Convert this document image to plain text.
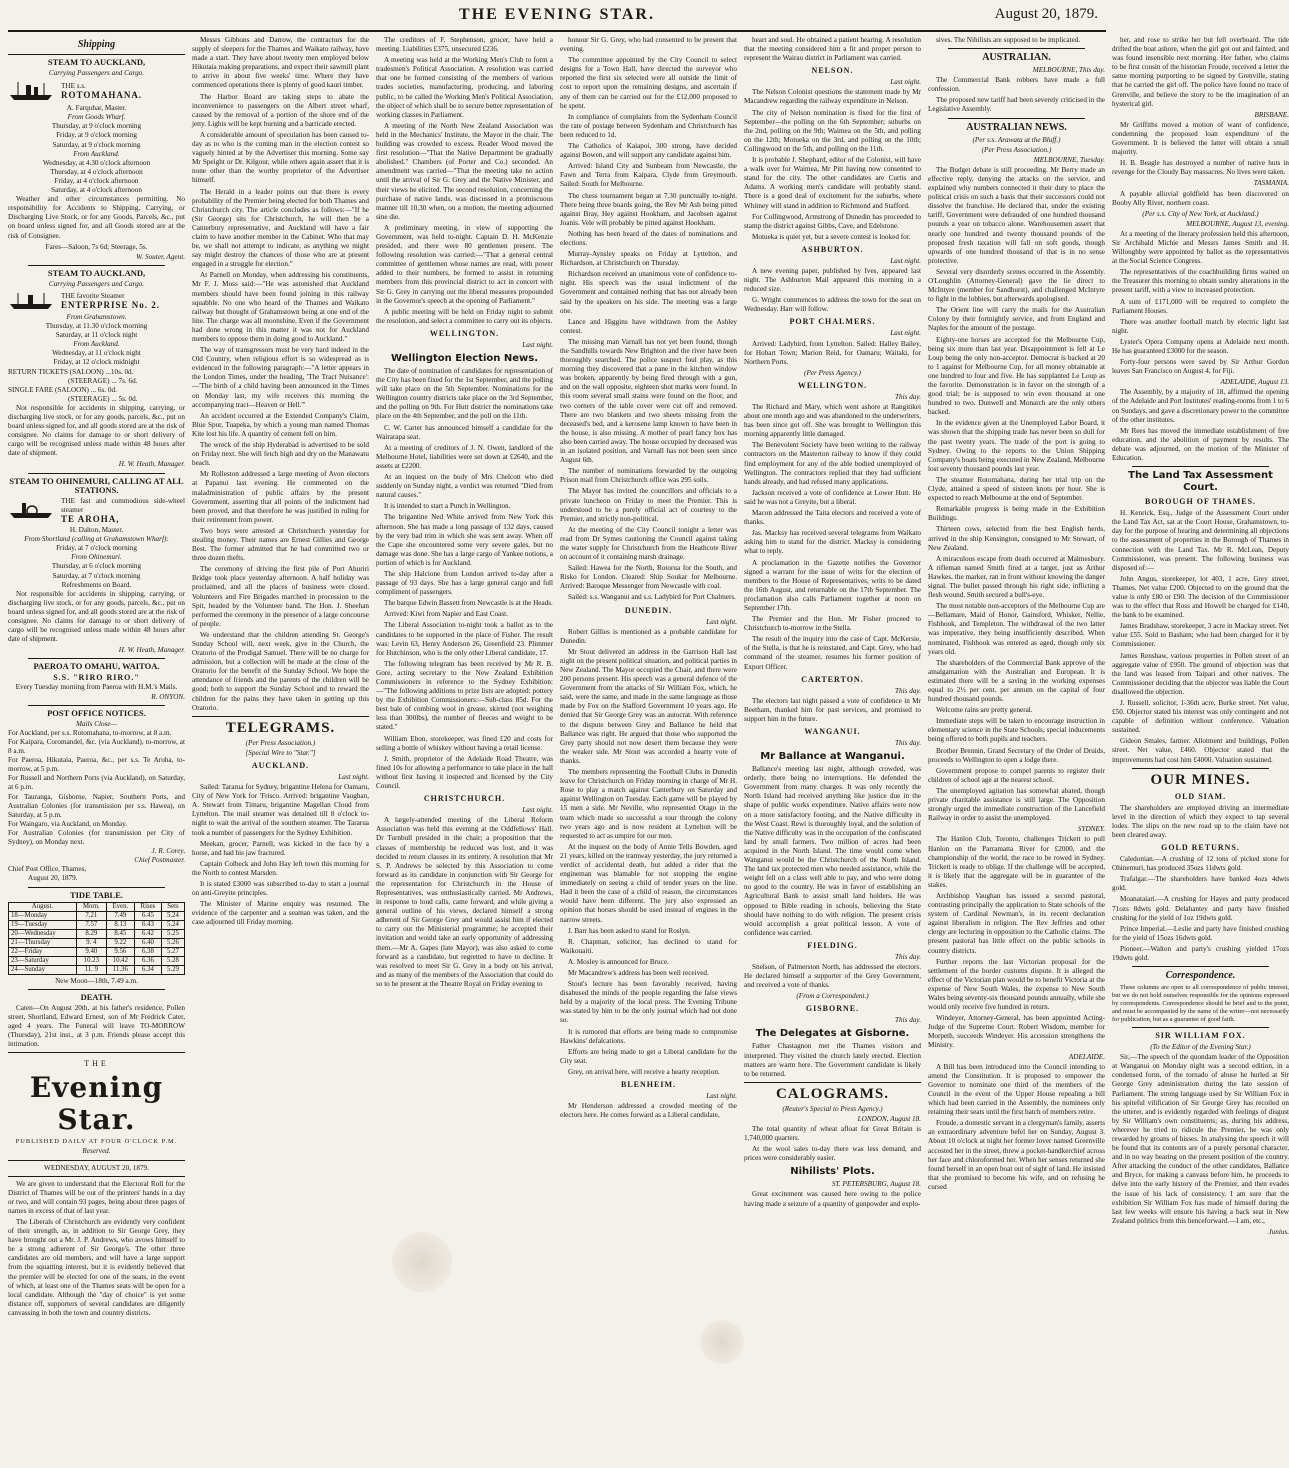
THE EVENING STAR.	August 20, 1879.
Shipping
STEAM TO AUCKLAND,
Carrying Passengers and Cargo.
THE s.s.
ROTOMAHANA.
A. Farquhar, Master.
From Goods Wharf.
Thursday, at 9 o'clock morning
Friday, at 9 o'clock morning
Saturday, at 9 o'clock morning
From Auckland.
Wednesday, at 4.30 o'clock afternoon
Thursday, at 4 o'clock afternoon
Friday, at 4 o'clock afternoon
Saturday, at 4 o'clock afternoon

Weather and other circumstances permitting. No responsibility for Accidents to Shipping, Carrying, or Discharging Live Stock, or for any Goods, Parcels, &c., put on board unless signed for, and all Goods stored are at the risk of Consignee.

Fares—Saloon, 7s 6d; Steerage, 5s.
W. Souter, Agent.
STEAM TO AUCKLAND,
Carrying Passengers and Cargo.
THE favorite Steamer
ENTERPRISE No. 2.
From Grahamstown.
Thursday, at 11.30 o'clock morning
Saturday, at 11 o'clock night
From Auckland.
Wednesday, at 11 o'clock night
Friday, at 12 o'clock midnight
RETURN TICKETS (SALOON) ...10s. 0d.
(STEERAGE) ... 7s. 6d.
SINGLE FARE (SALOON) ... 6s. 0d.
(STEERAGE) ... 5s. 0d.

Not responsible for accidents in shipping, carrying, or discharging live stock, or for any goods, parcels, &c., put on board unless signed for, and all goods stored are at the risk of consignee. No claims for damage to or short delivery of cargo will be recognised unless made within 48 hours after date of shipment.

H. W. Heath, Manager.
STEAM TO OHINEMURI, CALLING AT ALL STATIONS.
THE fast and commodious side-wheel steamer
TE AROHA,
H. Dalton, Master.
From Shortland (calling at Grahamstown Wharf):
Friday, at 7 o'clock morning
From Ohinemuri.
Thursday, at 6 o'clock morning
Saturday, at 7 o'clock morning
Refreshments on Board.

Not responsible for accidents in shipping, carrying, or discharging live stock, or for any goods, parcels, &c., put on board unless signed for, and all goods stored are at the risk of consignee. No claims for damage to or short delivery of cargo will be recognised unless made within 48 hours after date of shipment.

H. W. Heath, Manager.
PAEROA TO OMAHU, WAITOA.
S.S. "RIRO RIRO."
Every Tuesday morning from Paeroa with H.M.'s Mails.
R. ONYON.
POST OFFICE NOTICES.
Mails Close—
For Auckland, per s.s. Rotomahana, to-morrow, at 8 a.m.
For Kaipara, Coromandel, &c. (via Auckland), to-morrow, at 8 a.m.
For Paeroa, Hikutaia, Paeroa, &c., per s.s. Te Aroha, to-morrow, at 5 p.m.
For Russell and Northern Ports (via Auckland), on Saturday, at 6 p.m.
For Tauranga, Gisborne, Napier, Southern Ports, and Australian Colonies (for transmission per s.s. Hawea), on Saturday, at 5 p.m.
For Waingaro, via Auckland, on Monday.
For Australian Colonies (for transmission per City of Sydney), on Monday next.
J. R. Corey,
Chief Postmaster.
Chief Post Office, Thames,
August 20, 1879.
TIDE TABLE.
August.	Morn.	Even.	Rises	Sets
18—Monday	7.21	7.49	6.45	5.24
19—Tuesday	7.57	8.13	6.43	5.24
20—Wednesday	8.29	8.45	6.42	5.25
21—Thursday	9. 4	9.22	6.40	5.26
22—Friday	9.40	9.56	6.38	5.27
23—Saturday	10.23	10.42	6.36	5.28
24—Sunday	11. 9	11.36	6.34	5.29
New Moon—18th, 7.49 a.m.
DEATH.

Caten—On August 20th, at his father's residence, Pollen street, Shortland, Edward Ernest, son of Mr Fredrick Cater, aged 4 years. The Funeral will leave TO-MORROW (Thursday), 21st inst., at 3 p.m. Friends please accept this intimation.

THE
Evening Star.
PUBLISHED DAILY AT FOUR O'CLOCK P.M.
Reserved.
WEDNESDAY, AUGUST 20, 1879.

We are given to understand that the Electoral Roll for the District of Thames will be out of the printers' hands in a day or two, and will contain 93 pages, being about three pages of names in excess of that of last year.

The Liberals of Christchurch are evidently very confident of their strength, as, in addition to Sir George Grey, they have brought out a Mr. J. P. Andrews, who avows himself to be a strong adherent of Sir George's. The other three candidates are old members, and will have a large support from the squatting interest, but it is evidently believed that the premier will be elected for one of the seats, in the event of which, at least one of the Thames seats will be open for a local candidate. Although the "day of choice" is yet some distance off, supporters of several candidates are diligently canvassing in both the town and country districts.

Messrs Gibbons and Darrow, the contractors for the supply of sleepers for the Thames and Waikato railway, have made a start. They have about twenty men employed below Hikutaia making preparations, and expect their sawmill plant to arrive in about five weeks' time. Where they have commenced operations there is plenty of good kauri timber.

The Harbor Board are taking steps to abate the inconvenience to passengers on the Albert street wharf, caused by the removal of a portion of the shore end of the jetty. Lights will be kept burning and a barricade erected.

A considerable amount of speculation has been caused to-day as to who is the coming man in the election contest so vaguely hinted at by the Advertiser this morning. Some say Mr Speight or Dr. Kilgour, while others again assert that it is none other than the worthy proprietor of the Advertiser himself.

The Herald in a leader points out that there is every probability of the Premier being elected for both Thames and Christchurch city. The article concludes as follows:—"If he (Sir George) sits for Christchurch, he will then be a Canterbury representative, and Auckland will have a fair claim to have another member in the Cabinet. Who that may be, we shall not attempt to indicate, as anything we might say might destroy the chances of those who are at present engaged in a struggle for election."

At Parnell on Monday, when addressing his constituents, Mr F. J. Moss said:—"He was astonished that Auckland members should have been found joining in this railway squabble. No one who heard of the Thames and Waikato railway but thought of Grahamstown being at one end of the line. The charge was all moonshine. Even if the Government had done wrong in this matter it was not for Auckland members to oppose them in doing good to Auckland."

The way of transgressors must be very hard indeed in the Old Country, when religious effort is so widespread as is evidenced in the following paragraph:—"A letter appears in the London Times, under the heading, 'The Tract Nuisance':—'The birth of a child having been announced in the Times on Monday last, my wife receives this morning the accompanying tract—Heaven or Hell.'"

An accident occurred at the Extended Company's Claim, Blue Spur, Tuapeka, by which a young man named Thomas Kite lost his life. A quantity of cement fell on him.

The wreck of the ship Hyderabad is advertised to be sold on Friday next. She will fetch high and dry on the Manawatu beach.

Mr Rolleston addressed a large meeting of Avon electors at Papanui last evening. He commented on the maladministration of public affairs by the present Government, asserting that all points of the indictment had been proved, and that therefore he was justified in ruling for their retirement from power.

Two boys were arrested at Christchurch yesterday for stealing money. Their names are Ernest Gillies and George Best. The former admitted that he had committed two or three dozen thefts.

The ceremony of driving the first pile of Port Ahuriri Bridge took place yesterday afternoon. A half holiday was proclaimed, and all the places of business were closed. Volunteers and Fire Brigades marched in procession to the Spit, headed by the Volunteer band. The Hon. J. Sheehan performed the ceremony in the presence of a large concourse of people.

We understand that the children attending St. George's Sunday School will, next week, give in the Church, the Oratorio of the Prodigal Samuel. There will be no charge for admission, but a collection will be made at the close of the Oratorio for the benefit of the Sunday School. We hope the attendance of friends and the parents of the children will be good; both to support the Sunday School and to reward the children for the pains they have taken in getting up this Oratorio.

TELEGRAMS.
(Per Press Association.)
[Special Wire to "Star."]
AUCKLAND.
Last night.

Sailed: Tararua for Sydney, brigantine Helena for Oamaru, City of New York for 'Frisco. Arrived: brigantine Vaughan, A. Stewart from Timaru, brigantine Magellan Cloud from Lyttelton. The mail steamer was detained till 8 o'clock to-night to wait the arrival of the southern steamer. The Tararua took a number of passengers for the Sydney Exhibition.

Meekan, grocer, Parnell, was kicked in the face by a horse, and had his jaw fractured.

Captain Colbeck and John Hay left town this morning for the North to contest Marsden.

It is stated £3000 was subscribed to-day to start a journal on anti-Greyite principles.

The Minister of Marine enquiry was resumed. The evidence of the carpenter and a seaman was taken, and the case adjourned till Friday morning.

The creditors of F. Stephenson, grocer, have held a meeting. Liabilities £375, unsecured £236.

A meeting was held at the Working Men's Club to form a tradesmen's Political Association. A resolution was carried that one be formed consisting of the members of various trades societies, manufacturing, producing, and laboring public, to be called the Working Men's Political Association, the object of which shall be to secure better representation of working classes in Parliament.

A meeting of the North New Zealand Association was held in the Mechanics' Institute, the Mayor in the chair. The building was crowded to excess. Reader Wood moved the first resolution—"That the Native Department be gradually abolished." Chambers (of Porter and Co.) seconded. An amendment was carried—"That the meeting take no action until the arrival of Sir G. Grey and the Native Minister, and their views be elicited. The second resolution, concerning the purchase of native lands, was discussed in a promiscuous manner till 10.30 when, on a motion, the meeting adjourned sine die.

A preliminary meeting, in view of supporting the Government, was held to-night. Captain D. H. McKenzie presided, and there were 80 gentlemen present. The following resolution was carried:—"That a general central committee of gentlemen whose names are read, with power added to their numbers, be formed to assist in returning members from this provincial district to act in concert with Sir G. Grey in carrying out the liberal measures propounded in the Governor's speech at the opening of Parliament."

A public meeting will be held on Friday night to submit the resolution, and select a committee to carry out its objects.

WELLINGTON.
Last night.
Wellington Election News.

The date of nomination of candidates for representation of the City has been fixed for the 1st September, and the polling will take place on the 5th September. Nominations for the Wellington country districts take place on the 3rd September, and the polling on 9th. For Hutt district the nominations take place on the 4th September, and the poll on the 11th.

C. W. Carter has announced himself a candidate for the Wairarapa seat.

At a meeting of creditors of J. N. Owen, landlord of the Melbourne Hotel, liabilities were set down at £2640, and the assets at £2200.

At an inquest on the body of Mrs Chelcott who died suddenly on Sunday night, a verdict was returned "Died from natural causes."

It is intended to start a Punch in Wellington.

The brigantine Ned White arrived from New York this afternoon. She has made a long passage of 132 days, caused by the very bad trim in which she was sent away. When off the Cape she encountered some very severe gales, but no damage was done. She has a large cargo of Yankee notions, a portion of which is for Auckland.

The ship Halcione from London arrived to-day after a passage of 93 days. She has a large general cargo and full compliment of passengers.

The barque Edwin Bassett from Newcastle is at the Heads.

Arrived: Kiwi from Napier and East Coast.

The Liberal Association to-night took a ballot as to the candidates to be supported in the place of Fisher. The result was: Levin 63, Henry Anderson 26, Greenfield 23. Plimmer for Hutchinson, who is the only other Liberal candidate, 17.

The following telegram has been received by Mr R. B. Gore, acting secretary to the New Zealand Exhibition Commissioners in reference to the Sydney Exhibition:—"The following additions to prize lists are adopted: pottery by the Exhibition Commissioners:—Sub-class 85d. For the best bale of combing wool in grease, skirted (not weighing less than 300lbs), the number of fleeces and weight to be stated."

William Ebon, storekeeper, was fined £20 and costs for selling a bottle of whiskey without having a retail license.

J. Smith, proprietor of the Adelaide Road Theatre, was fined 10s for allowing a performance to take place in the hall without first having it inspected and licensed by the City Council.

CHRISTCHURCH.
Last night.

A largely-attended meeting of the Liberal Reform Association was held this evening at the Oddfellows' Hall. Dr Turnbull presided in the chair; a proposition that the classes of membership be reduced was lost, and it was decided to return clauses in its entirety. A resolution that Mr S. P. Andrews be selected by this Association to come forward as its candidate in conjunction with Sir George for the representation for Christchurch in the House of Representatives, was enthusiastically carried. Mr Andrews, in response to loud calls, came forward, and while giving a general outline of his views, declared himself a strong adherent of Sir George Grey and would assist him if elected to carry out the Ministerial programme; he accepted their invitation and would take an early opportunity of addressing them.—Mr A. Gapes (late Mayor), was also asked to come forward as a candidate, but regretted to have to decline. It was resolved to meet Sir G. Grey in a body on his arrival, and as many of the members of the Association that could do so to be present at the Theatre Royal on Friday evening to

honour Sir G. Grey, who had consented to be present that evening.

The committee appointed by the City Council to select designs for a Town Hall, have directed the surveyor who reported the first six selected were all outside the limit of cost to report upon the remaining designs, and ascertain if any of them can be carried out for the £12,000 proposed to be spent.

In compliance of complaints from the Sydenham Council the rate of postage between Sydenham and Christchurch has been reduced to 1d.

The Catholics of Kaiapoi, 300 strong, have decided against Bowen, and will support any candidate against him.

Arrived: Island City and Sunbeam from Newcastle, the Fawn and Terra from Kaipara, Clyde from Greymouth. Sailed: South for Melbourne.

The chess tournament began at 7.30 punctually to-night. There being three boards going, the Rev Mr Ash being pitted against Bray, Hey against Hookham, and Jacobsen against Joanis. Vele will probably be pitted against Hookham.

Nothing has been heard of the dates of nominations and elections.

Murray-Aynsley speaks on Friday at Lyttelton, and Richardson, at Christchurch on Thursday.

Richardson received an unanimous vote of confidence to-night. His speech was the usual indictment of the Government and contained nothing that has not already been said by the speakers on his side. The meeting was a large one.

Lance and Higgins have withdrawn from the Ashley contest.

The missing man Varnall has not yet been found, though the Sandhills towards New Brighton and the river have been thoroughly searched. The police suspect foul play, as this morning they discovered that a pane in the kitchen window was broken, apparently by being fired through with a gun, and on the wall opposite, eighteen shot marks were found. In this room several small stains were found on the floor, and two corners of the table cover were cut off and removed. There are two blankets and two sheets missing from the deceased's bed, and a kerosene lamp known to have been in the house, is also missing. A mother of pearl fancy box has also been carried away. The house occupied by deceased was in an isolated position, and Varnall has not been seen since August 6th.

The number of nominations forwarded by the outgoing Prison mail from Christchurch office was 295 soils.

The Mayor has invited the councillors and officials to a private luncheon on Friday to meet the Premier. This is understood to be a purely official act of courtesy to the Premier, and strictly non-political.

At the meeting of the City Council tonight a letter was read from Dr Symes cautioning the Council against taking the water supply for Christchurch from the Heathcote River on account of it containing marsh drainage.

Sailed: Hawea for the North, Rotorua for the South, and Risko for London. Cleared: Ship Soukar for Melbourne. Arrived: Baroque Messenger from Newcastle with coal.

Sailed: s.s. Wanganui and s.s. Ladybird for Port Chalmers.

DUNEDIN.
Last night.

Robert Gillies is mentioned as a probable candidate for Dunedin.

Mr Stout delivered an address in the Garrison Hall last night on the present political situation, and political parties in New Zealand. The Mayor occupied the Chair, and there were 200 persons present. His speech was a general defence of the Government from the attacks of Sir William Fox, which, he said, were the same, and made in the same language as those made by Fox on the Stafford Government 10 years ago. He denied that Sir George Grey was an autocrat. With reference to the dispute between Grey and Ballance he held that Ballance was right. He argued that those who supported the Grey party should not now desert them because they were the weaker side. Mr Stout was accorded a hearty vote of thanks.

The members representing the Football Clubs in Dunedin leave for Christchurch on Friday morning in charge of Mr H. Rose to play a match against Canterbury on Saturday and against Wellington on Tuesday. Each game will be played by 15 men a side. Mr Neville, who represented Otago in the team which made so successful a tour through the colony two years ago and is now resident at Lyttelton will be requested to act as umpire for our men.

At the inquest on the body of Annie Tells Bowden, aged 21 years, killed on the tramway yesterday, the jury returned a verdict of accidental death, but added a rider that the engineman was blamable for not stopping the engine immediately on seeing a child of tender years on the line. Had it been the case of a child of reason, the circumstances would have been different. The jury also expressed an opinion that horses should be used instead of engines in the narrow streets.

J. Barr has been asked to stand for Roslyn.

R. Chapman, solicitor, has declined to stand for Waikouaiti.

A. Mosley is announced for Bruce.

Mr Macandrew's address has been well received.

Stout's lecture has been favorably received, having disabused the minds of the people regarding the false views held by a majority of the local press. The Evening Tribune was stated by him to be the only journal which had not done so.

It is rumored that efforts are being made to compromise Hawkins' defalcations.

Efforts are being made to get a Liberal candidate for the City seat.

Grey, on arrival here, will receive a hearty reception.

BLENHEIM.
Last night.

Mr Henderson addressed a crowded meeting of the electors here. He comes forward as a Liberal candidate,

heart and soul. He obtained a patient hearing. A resolution that the meeting considered him a fit and proper person to represent the Wairau district in Parliament was carried.

NELSON.
Last night.

The Nelson Colonist questions the statement made by Mr Macandrew regarding the railway expenditure in Nelson.

The city of Nelson nomination is fixed for the first of September—the polling on the 6th September; suburbs on the 2nd, polling on the 9th; Waimea on the 5th, and polling on the 12th; Motueka on the 3rd, and polling on the 10th; Collingwood on the 5th, and polling on the 11th.

It is probable J. Shephard, editor of the Colonist, will have a walk over for Waimea, Mr Pitt having now consented to stand for the city. The other candidates are Curtis and Adams. A working men's candidate will probably stand. There is a good deal of excitement for the suburbs, where Whitney will stand in addition to Richmond and Stafford.

For Collingwood, Armstrong of Dunedin has proceeded to stamp the district against Gibbs, Cave, and Edelstone.

Motueka is quiet yet, but a severe contest is looked for.

ASHBURTON.
Last night.

A new evening paper, published by Ives, appeared last night. The Ashburton Mail appeared this morning in a reduced size.

G. Wright commences to address the town for the seat on Wednesday. Harr will follow.

PORT CHALMERS.
Last night.

Arrived: Ladybird, from Lyttelton. Sailed: Halley Bailey, for Hobart Town; Marion Reid, for Oamaru; Waitaki, for Northern Ports.

(Per Press Agency.)
WELLINGTON.
This day.

The Richard and Mary, which went ashore at Rangitikei about one month ago and was abandoned to the underwriters, has been since got off. She was brought to Wellington this morning apparently little damaged.

The Benevolent Society have been writing to the railway contractors on the Masterton railway to know if they could find employment for any of the able bodied unemployed of Wellington. The contractors replied that they had sufficient hands already, and had refused many applications.

Jackson received a vote of confidence at Lower Hutt. He said he was not a Greyite, but a liberal.

Macon addressed the Taita electors and received a vote of thanks.

Jas. Macksy has received several telegrams from Waikato asking him to stand for the district. Macksy is considering what to reply.

A proclamation in the Gazette notifies the Governor signed a warrant for the issue of writs for the election of members to the House of Representatives, writs to be dated the 16th August, and returnable on the 17th September. The proclamation also calls Parliament together at noon on September 17th.

The Premier and the Hon. Mr Fisher proceed to Christchurch to-morrow in the Stella.

The result of the inquiry into the case of Capt. McKersie, of the Stella, is that he is reinstated, and Capt. Grey, who had command of the steamer, resumes his former position of Export Officer.

CARTERTON.
This day.

The electors last night passed a vote of confidence in Mr Beetham, thanked him for past services, and promised to support him in the future.

WANGANUI.
This day.
Mr Ballance at Wanganui.

Ballance's meeting last night, although crowded, was orderly, there being no interruptions. He defended the Government from many charges. It was only recently the North Island had received anything like justice due in the shape of public works expenditure. Native affairs were now on a more satisfactory footing, and the Native difficulty in the West Coast. Rewi is thoroughly loyal, and the solution of the Native difficulty was in the occupation of the confiscated land by small farmers. Two million of acres had been acquired in the North Island. The time would come when Wanganui would be the Christchurch of the North Island. The land tax protected men who needed assistance, while the weight fell on a class well able to pay, and who were doing no good to the country. He was in favor of establishing an Agricultural Bank to assist small land holders. He was opposed to Bible reading in schools, believing the State should have nothing to do with religion. The present crisis would accomplish a great political lesson. A vote of confidence was carried.

FIELDING.
This day.

Snelson, of Palmerston North, has addressed the electors. He declared himself a supporter of the Grey Government, and received a vote of thanks.

(From a Correspondent.)
GISBORNE.
This day.
The Delegates at Gisborne.

Father Chastagnon met the Thames visitors and interpreted. They visited the church lately erected. Election matters are warm here. The Government candidate is likely to be returned.

CALOGRAMS.
(Reuter's Special to Press Agency.)
LONDON, August 18.

The total quantity of wheat afloat for Great Britain is 1,740,000 quarters.

At the wool sales to-day there was less demand, and prices were considerably easier.

Nihilists' Plots.
ST. PETERSBURG, August 18.

Great excitement was caused here owing to the police having made a seizure of a quantity of gunpowder and explo-

sives. The Nihilists are supposed to be implicated.

AUSTRALIAN.
MELBOURNE, This day.

The Commercial Bank robbers have made a full confession.

The proposed new tariff had been severely criticised in the Legislative Assembly.

AUSTRALIAN NEWS.
(Per s.s. Arawata at the Bluff.)
(Per Press Association.)
MELBOURNE, Tuesday.

The Budget debate is still proceeding. Mr Berry made an effective reply, denying the attacks on the service, and explained why numbers connected it their duty to place the political crisis on such a basis that their successors could not dissolve the franchise. He declared that, under the existing tariff, Government were defrauded of one hundred thousand pounds a year on tobacco alone. Warehousemen assert that nearly one hundred and twenty thousand pounds of the proposed fresh taxation will fall on soft goods, though upwards of one hundred thousand of that is in no sense protective.

Several very disorderly scenes occurred in the Assembly. O'Loughlin (Attorney-General) gave the lie direct to McIntyre (member for Sandhurst), and challenged McIntyre to fight in the lobbies, but afterwards apologised.

The Orient line will carry the mails for the Australian Colony by their fortnightly service, and from England and Naples for the amount of the postage.

Eighty-one horses are accepted for the Melbourne Cup, being six more than last year. Disappointment is fell at Le Loup being the only non-acceptor. Democrat is backed at 20 to 1 against for Melbourne Cup, for all money obtainable at one hundred to four and five. He has supplanted Le Loup as the favorite. Demonstration is in favor on the strength of a good trial; he is supposed to win even thousand at one hundred to two. Dunwell and Monarch are the only others backed.

In the evidence given at the Unemployed Labor Board, it was shown that the shipping trade has never been so dull for the past twenty years. The trade of the port is going to Sydney. Owing to the reports to the Union Shipping Company's boats being executed in New Zealand, Melbourne lost seventy thousand pounds last year.

The steamer Rotomahana, during her trial trip on the Clyde, attained a speed of sixteen knots per hour. She is expected to reach Melbourne at the end of September.

Remarkable progress is being made in the Exhibition Buildings.

Thirteen cows, selected from the best English herds, arrived in the ship Kensington, consigned to Mr Stewart, of New Zealand.

A miraculous escape from death occurred at Malmesbury. A rifleman named Smith fired at a target, just as Arthur Hawkes, the marker, ran in front without knowing the danger signal. The bullet passed through his right side, inflicting a flesh wound. Smith secured a bull's-eye.

The most notable non-acceptors of the Melbourne Cup are—Bellamare, Maid of Honor, Gainsford, Whisker, Nellie, Fishhook, and Templeton. The withdrawal of the two latter was imperative, they being insufficiently described. When nominated, Fishhook was entered as aged, though only six years old.

The shareholders of the Commercial Bank approve of the amalgamation with the Australian and European. It is estimated there will be a saving in the working expenses equal to 2½ per cent. per annum on the capital of four hundred thousand pounds.

Welcome rains are pretty general.

Immediate steps will be taken to encourage instruction in elementary science in the State Schools, special inducements being offered to both pupils and teachers.

Brother Brennin, Grand Secretary of the Order of Druids, proceeds to Wellington to open a lodge there.

Government propose to compel parents to register their children of school age at the nearest school.

The unemployed agitation has somewhat abated, though private charitable assistance is still large. The Opposition strongly urged the immediate construction of the Lancefield Railway in order to assist the unemployed.

SYDNEY.

The Hanlon Club, Toronto, challenges Trickett to pull Hanlon on the Parramatta River for £2000, and the championship of the world, the race to be rowed in Sydney. Trickett is ready to oblige. If the challenge will be accepted, it is likely that the aggregate will be in guarantee of the stakes.

Archbishop Vaughan has issued a second pastoral, contrasting principally the application to State schools of the system of Cardinal Newman's, in its recent declaration against liberalism in religion. The Rev Jeffries and other clergy are lecturing in opposition to the Catholic claims. The present pastoral has little effect on the public schools in country districts.

Further reports the last Victorian proposal for the settlement of the border customs dispute. It is alleged the effect of the Victorian plan would be to benefit Victoria at the expense of New South Wales, the expense to New South Wales being seventy-six thousand pounds annually, while she would only receive five hundred in return.

Windeyer, Attorney-General, has been appointed Acting-Judge of the Supreme Court. Robert Wisdom, member for Morpeth, succeeds Windeyer. His accession strengthens the Ministry.

ADELAIDE.

A Bill has been introduced into the Council intending to amend the Constitution. It is proposed to empower the Governor to nominate one third of the members of the Council in the event of the Upper House repealing a bill which had been carried in the Assembly, the nominees only retaining their seats until the first batch of members retire.

Froude, a domestic servant in a clergyman's family, asserts an extraordinary adventure befel her on Sunday, August 3. About 10 o'clock at night her former lover named Greenville accosted her in the street, threw a pocket-handkerchief across her face and chloroformed her. When her senses returned she found herself in an open boat out of sight of land. He insisted that she promised to become his wife, and on refusing he cursed

her, and rose to strike her but fell overboard. The tide drifted the boat ashore, when the girl got out and fainted, and was found insensible next morning. Her father, who claims to be first cousin of the historian Froude, received a letter the same morning purporting to be signed by Grenville, stating that he carried the girl off. The police have found no trace of Grenville, and believe the story to be the imagination of an hysterical girl.

BRISBANE.

Mr Griffiths moved a motion of want of confidence, condemning the proposed loan expenditure of the Government. It is believed the latter will obtain a small majority.

H. B. Beagle has destroyed a number of native huts in revenge for the Cloudy Bay massacres. No lives were taken.

TASMANIA.

A payable alluvial goldfield has been discovered on Booby Ally River, northern coast.

(Per s.s. City of New York, at Auckland.)
MELBOURNE, August 13, evening.

At a meeting of the literary profession held this afternoon, Sir Archibald Michie and Messrs James Smith and H. Willoughby were appointed by ballot as the representatives at the Social Science Congress.

The representatives of the coachbuilding firms waited on the Treasurer this morning to obtain sundry alterations in the present tariff, with a view to increased protection.

A sum of £171,000 will be required to complete the Parliament Houses.

There was another football match by electric light last night.

Lyster's Opera Company opens at Adelaide next month. He has guaranteed £3000 for the season.

Forty-four persons were saved by Sir Arthur Gordon leaves San Francisco on August 4, for Fiji.

ADELAIDE, August 13.

The Assembly, by a majority of 18, affirmed the opening of the Adelaide and Port Institutes' reading-rooms from 1 to 6 on Sundays, and gave a discretionary power to the committee of the other institutes.

Mr Rees has moved the immediate establishment of free education, and the abolition of payment by results. The debate was adjourned, on the motion of the Minister of Education.

The Land Tax Assessment Court.
BOROUGH OF THAMES.

H. Kenrick, Esq., Judge of the Assessment Court under the Land Tax Act, sat at the Court House, Grahamstown, to-day for the purpose of hearing and determining all objections to the assessment of properties in the Borough of Thames in connection with the Land Tax. Mr R. McLean, Deputy Commissioner, was present. The following business was disposed of:—

John Angus, storekeeper, lot 403, 1 acre, Grey street, Thames. Net value £200. Objected to on the ground that the value is only £80 or £90. The decision of the Commissioner was to the effect that Ross and Howell be charged for £140, the bank to be examined.

James Bradshaw, storekeeper, 3 acre in Mackay street. Net value £55. Sold to Basham; who had been charged for it by Commissioner.

James Renshaw, various properties in Pollen street of an aggregate value of £950. The ground of objection was that the land was leased from Taipari and other natives. The Commissioner deciding that the objector was liable the Court disallowed the objection.

J. Russell, solicitor, 1-36th acre, Burke street. Net value, £50. Objector stated his interest was only contingent and not capable of definition without conference. Valuation sustained.

Gideon Smales, farmer. Allotment and buildings, Pollen street. Net value, £460. Objector stated that the improvements had cost him £4000. Valuation sustained.

OUR MINES.
OLD SIAM.

The shareholders are employed driving an intermediate level in the direction of which they expect to tap several lodes. The slips on the new road up to the claim have not been cleared away.

GOLD RETURNS.

Caledonian.—A crushing of 12 tons of picked stone for Ohinemuri, has produced 35ozs 11dwts gold.

Trafalgar.—The shareholders have banked 4ozs 4dwts gold.

Moanataiari.—A crushing for Hayes and party produced 71ozs 8dwts gold. Delahantey and party have finished crushing for the yield of 1oz 19dwts gold.

Prince Imperial.—Leslie and party have finished crushing for the yield of 15ozs 16dwts gold.

Pioneer.—Walton and party's crushing yielded 17ozs 19dwts gold.

Correspondence.

These columns are open to all correspondence of public interest, but we do not hold ourselves responsible for the opinions expressed by correspondents. Correspondence should be brief and to the point, and must be accompanied by the name of the writer—not necessarily for publication, but as a guarantee of good faith.

SIR WILLIAM FOX.
(To the Editor of the Evening Star.)

Sir,—The speech of the quondam leader of the Opposition at Wanganui on Monday night was a second edition, in a condensed form, of the tornado of abuse he hurled at Sir George Grey administration during the late session of Parliament. The strong language used by Sir William Fox in his spiteful vilification of Sir George Grey has recoiled on the utterer, and is evidently regarded with feelings of disgust by Sir William's own constituents; as, during his address, wherever he tried to ridicule the Premier, he was only rewarded by groans of hisses. In analysing the speech it will be found that its contents are of a purely personal character, and in no way bearing on the present position of the country. After attacking the conduct of the other candidates, Ballance and Bryce, for making a canvass before him, he proceeds to delve into the early history of the Premier, and then evades the issue of his lack of consistency. I am sure that the exhibition Sir William Fox has made of himself during the last few weeks will ensure his having a back seat in New Zealand politics from this henceforward.—I am, etc.,

Junius.
